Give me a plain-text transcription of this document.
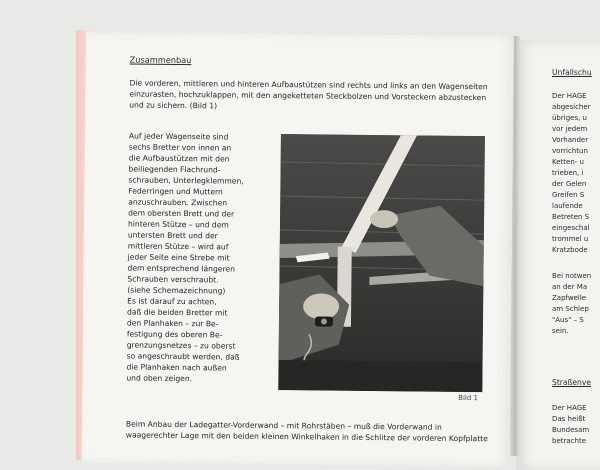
Unfallschu
Der HAGE
abgesicher
übriges, u
vor jedem
Vorhander
vorrichtun
Ketten- u
trieben, i
der Gelen
Greifen S
laufende
Betreten S
eingeschal
trommel u
Kratzbode
Bei notwen
an der Ma
Zapfwelle
am Schlep
"Aus" – S
sein.
Straßenve
Der HAGE
Das heißt
Bundesam
betrachte
Zusammenbau

Die vorderen, mittleren und hinteren Aufbaustützen sind rechts und links an den Wagenseiten einzurasten, hochzuklappen, mit den angeketteten Steckbolzen und Vorsteckern abzustecken und zu sichern. (Bild 1)

Auf jeder Wagenseite sind
sechs Bretter von innen an
die Aufbaustützen mit den
beiliegenden Flachrund-
schrauben, Unterlegklemmen,
Federringen und Muttern
anzuschrauben. Zwischen
dem obersten Brett und der
hinteren Stütze – und dem
untersten Brett und der
mittleren Stütze – wird auf
jeder Seite eine Strebe mit
dem entsprechend längeren
Schrauben verschraubt.
(siehe Schemazeichnung)
Es ist darauf zu achten,
daß die beiden Bretter mit
den Planhaken – zur Be-
festigung des oberen Be-
grenzungsnetzes – zu oberst
so angeschraubt werden, daß
die Planhaken nach außen
und oben zeigen.

Bild 1

Beim Anbau der Ladegatter-Vorderwand – mit Rohrstäben – muß die Vorderwand in waagerechter Lage mit den beiden kleinen Winkelhaken in die Schlitze der vorderen Kopfplatte
